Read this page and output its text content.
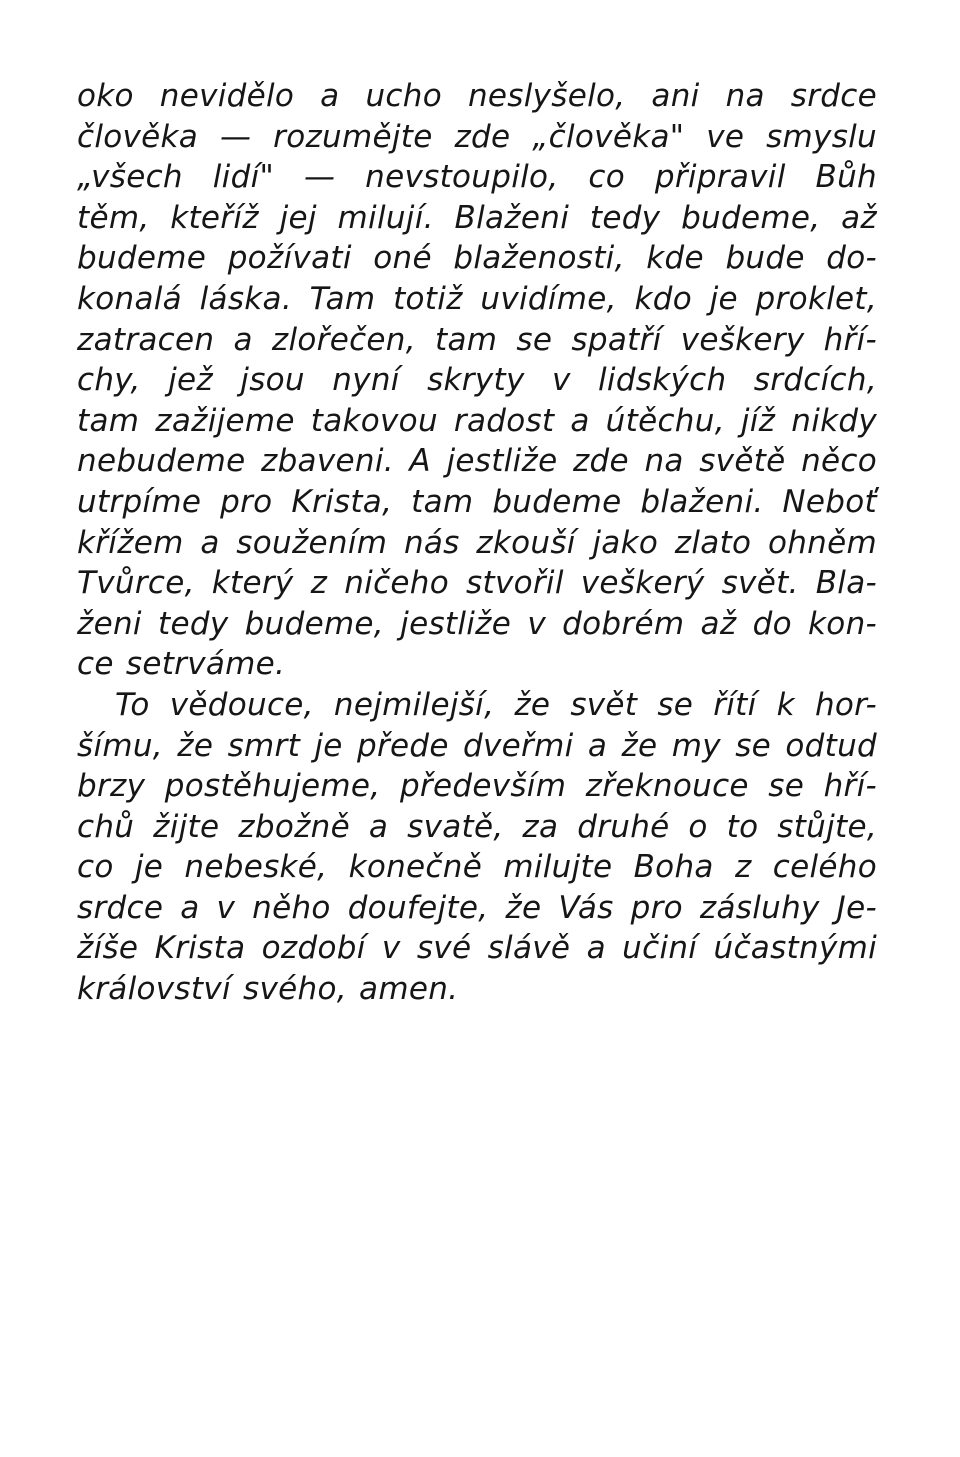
oko nevidělo a ucho neslyšelo, ani na srdce
člověka — rozumějte zde „člověka" ve smyslu
„všech lidí" — nevstoupilo, co připravil Bůh
těm, kteříž jej milují. Blaženi tedy budeme, až
budeme požívati oné blaženosti, kde bude do-
konalá láska. Tam totiž uvidíme, kdo je proklet,
zatracen a zlořečen, tam se spatří veškery hří-
chy, jež jsou nyní skryty v lidských srdcích,
tam zažijeme takovou radost a útěchu, jíž nikdy
nebudeme zbaveni. A jestliže zde na světě něco
utrpíme pro Krista, tam budeme blaženi. Neboť
křížem a soužením nás zkouší jako zlato ohněm
Tvůrce, který z ničeho stvořil veškerý svět. Bla-
ženi tedy budeme, jestliže v dobrém až do kon-
ce setrváme.
To vědouce, nejmilejší, že svět se řítí k hor-
šímu, že smrt je přede dveřmi a že my se odtud
brzy postěhujeme, především zřeknouce se hří-
chů žijte zbožně a svatě, za druhé o to stůjte,
co je nebeské, konečně milujte Boha z celého
srdce a v něho doufejte, že Vás pro zásluhy Je-
žíše Krista ozdobí v své slávě a učiní účastnými
království svého, amen.
